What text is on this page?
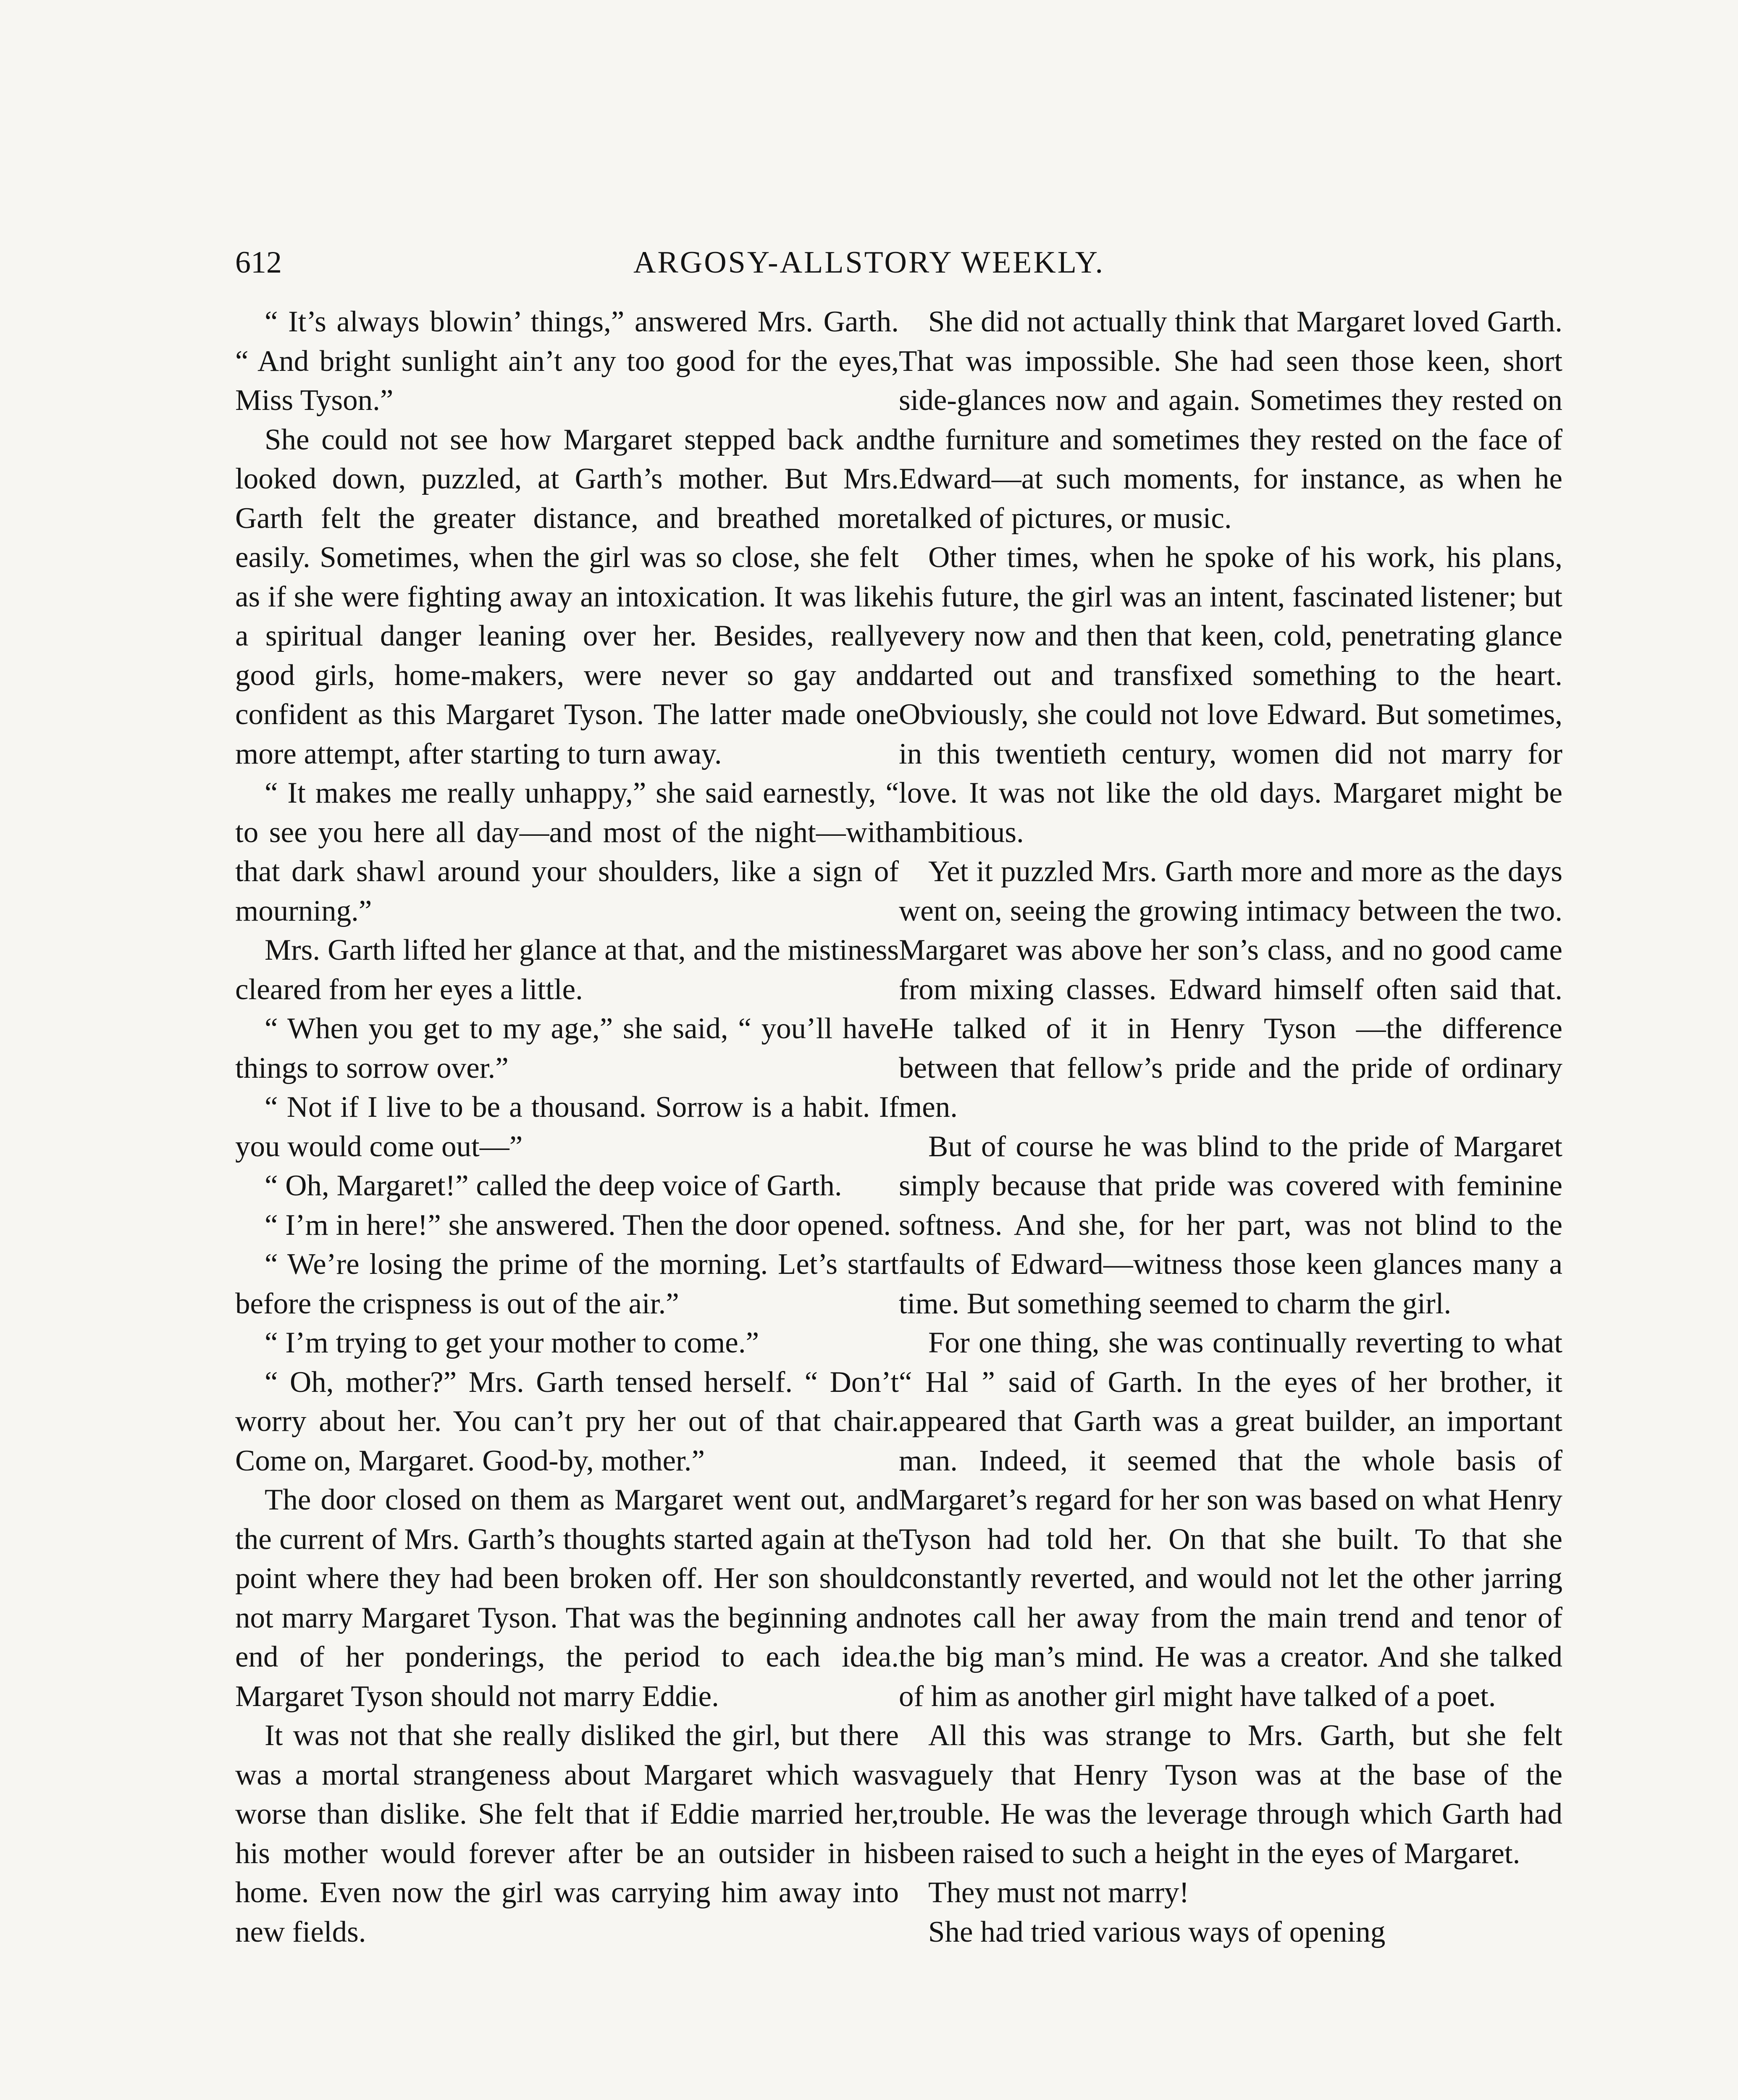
612	ARGOSY-ALLSTORY WEEKLY.

“ It’s always blowin’ things,” answered Mrs. Garth. “ And bright sunlight ain’t any too good for the eyes, Miss Tyson.”

She could not see how Margaret stepped back and looked down, puzzled, at Garth’s mother. But Mrs. Garth felt the greater distance, and breathed more easily. Sometimes, when the girl was so close, she felt as if she were fighting away an intoxication. It was like a spiritual danger leaning over her. Besides, really good girls, home-makers, were never so gay and confident as this Margaret Tyson. The latter made one more attempt, after starting to turn away.

“ It makes me really unhappy,” she said earnestly, “ to see you here all day—and most of the night—with that dark shawl around your shoulders, like a sign of mourning.”

Mrs. Garth lifted her glance at that, and the mistiness cleared from her eyes a little.

“ When you get to my age,” she said, “ you’ll have things to sorrow over.”

“ Not if I live to be a thousand. Sorrow is a habit. If you would come out—”

“ Oh, Margaret!” called the deep voice of Garth.

“ I’m in here!” she answered. Then the door opened.

“ We’re losing the prime of the morning. Let’s start before the crispness is out of the air.”

“ I’m trying to get your mother to come.”

“ Oh, mother?” Mrs. Garth tensed herself. “ Don’t worry about her. You can’t pry her out of that chair. Come on, Margaret. Good-by, mother.”

The door closed on them as Margaret went out, and the current of Mrs. Garth’s thoughts started again at the point where they had been broken off. Her son should not marry Margaret Tyson. That was the beginning and end of her ponderings, the period to each idea. Margaret Tyson should not marry Eddie.

It was not that she really disliked the girl, but there was a mortal strangeness about Margaret which was worse than dislike. She felt that if Eddie married her, his mother would forever after be an outsider in his home. Even now the girl was carrying him away into new fields.

She did not actually think that Margaret loved Garth. That was impossible. She had seen those keen, short side-glances now and again. Sometimes they rested on the furniture and sometimes they rested on the face of Edward—at such moments, for instance, as when he talked of pictures, or music.

Other times, when he spoke of his work, his plans, his future, the girl was an intent, fascinated listener; but every now and then that keen, cold, penetrating glance darted out and transfixed something to the heart. Obviously, she could not love Edward. But sometimes, in this twentieth century, women did not marry for love. It was not like the old days. Margaret might be ambitious.

Yet it puzzled Mrs. Garth more and more as the days went on, seeing the growing intimacy between the two. Margaret was above her son’s class, and no good came from mixing classes. Edward himself often said that. He talked of it in Henry Tyson —the difference between that fellow’s pride and the pride of ordinary men.

But of course he was blind to the pride of Margaret simply because that pride was covered with feminine softness. And she, for her part, was not blind to the faults of Edward—witness those keen glances many a time. But something seemed to charm the girl.

For one thing, she was continually reverting to what “ Hal ” said of Garth. In the eyes of her brother, it appeared that Garth was a great builder, an important man. Indeed, it seemed that the whole basis of Margaret’s regard for her son was based on what Henry Tyson had told her. On that she built. To that she constantly reverted, and would not let the other jarring notes call her away from the main trend and tenor of the big man’s mind. He was a creator. And she talked of him as another girl might have talked of a poet.

All this was strange to Mrs. Garth, but she felt vaguely that Henry Tyson was at the base of the trouble. He was the leverage through which Garth had been raised to such a height in the eyes of Margaret.

They must not marry!

She had tried various ways of opening
